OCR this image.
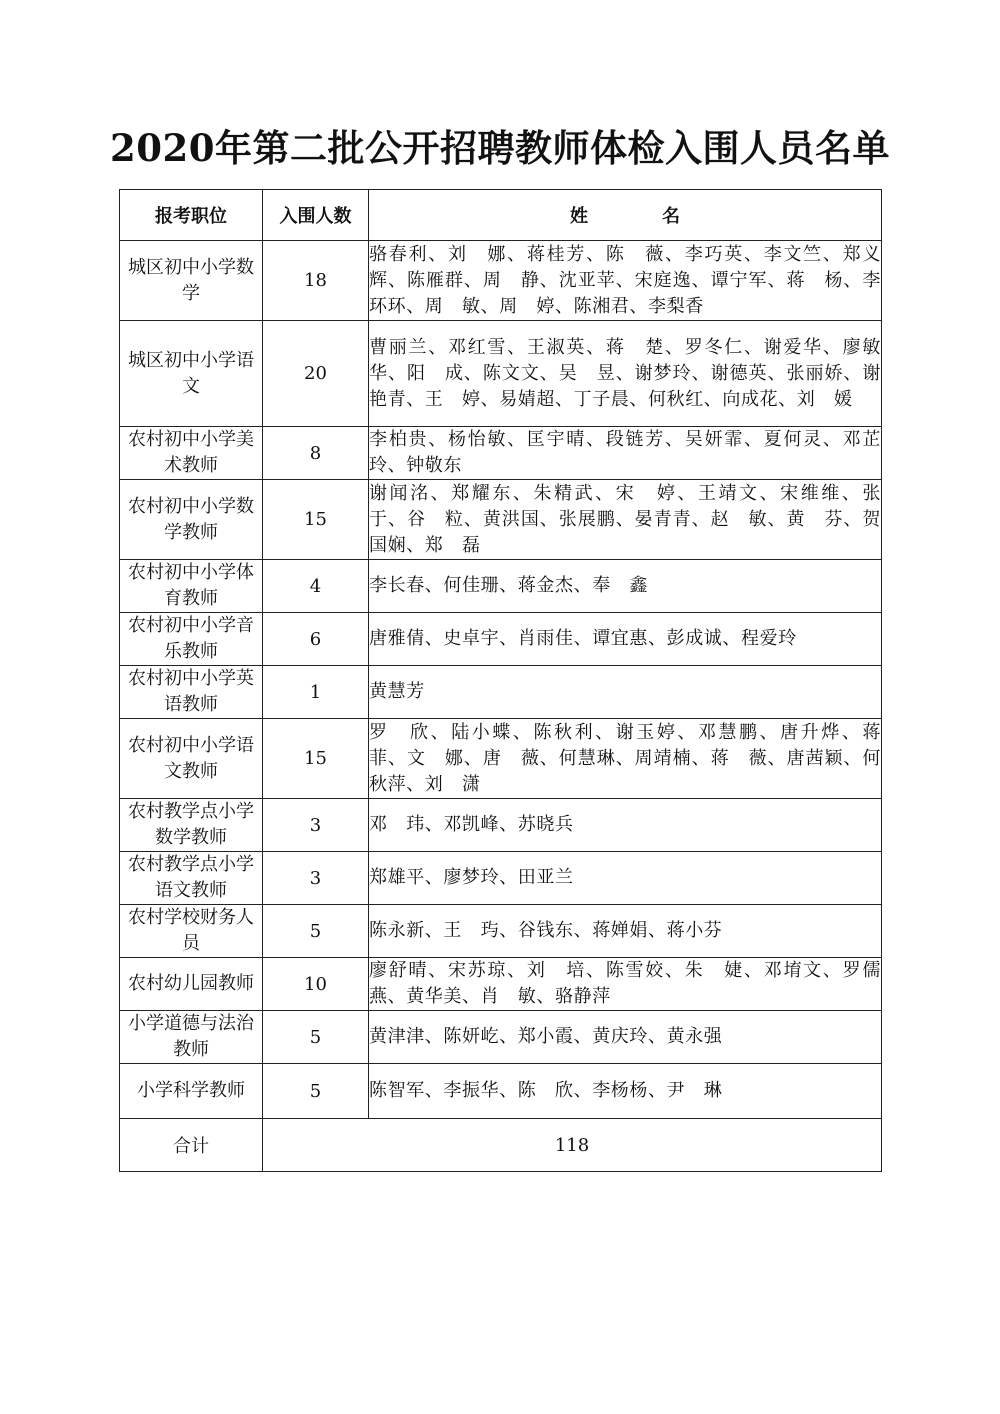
2020年第二批公开招聘教师体检入围人员名单
报考职位	入围人数	姓　名
城区初中小学数学	18	骆春利、刘　娜、蒋桂芳、陈　薇、李巧英、李文竺、郑义辉、陈雁群、周　静、沈亚苹、宋庭逸、谭宁军、蒋　杨、李环环、周　敏、周　婷、陈湘君、李梨香
城区初中小学语文	20	曹丽兰、邓红雪、王淑英、蒋　楚、罗冬仁、谢爱华、廖敏华、阳　成、陈文文、吴　昱、谢梦玲、谢德英、张丽娇、谢艳青、王　婷、易婧超、丁子晨、何秋红、向成花、刘　媛
农村初中小学美术教师	8	李柏贵、杨怡敏、匡宇晴、段链芳、吴妍霏、夏何灵、邓芷玲、钟敬东
农村初中小学数学教师	15	谢闻洺、郑耀东、朱精武、宋　婷、王靖文、宋维维、张　于、谷　粒、黄洪国、张展鹏、晏青青、赵　敏、黄　芬、贺国娴、郑　磊
农村初中小学体育教师	4	李长春、何佳珊、蒋金杰、奉　鑫
农村初中小学音乐教师	6	唐雅倩、史卓宇、肖雨佳、谭宜惠、彭成诚、程爱玲
农村初中小学英语教师	1	黄慧芳
农村初中小学语文教师	15	罗　欣、陆小蝶、陈秋利、谢玉婷、邓慧鹏、唐升烨、蒋　菲、文　娜、唐　薇、何慧琳、周靖楠、蒋　薇、唐茜颖、何秋萍、刘　潇
农村教学点小学数学教师	3	邓　玮、邓凯峰、苏晓兵
农村教学点小学语文教师	3	郑雄平、廖梦玲、田亚兰
农村学校财务人员	5	陈永新、王　玙、谷钱东、蒋婵娟、蒋小芬
农村幼儿园教师	10	廖舒晴、宋苏琼、刘　培、陈雪姣、朱　婕、邓堉文、罗儒燕、黄华美、肖　敏、骆静萍
小学道德与法治教师	5	黄津津、陈妍屹、郑小霞、黄庆玲、黄永强
小学科学教师	5	陈智军、李振华、陈　欣、李杨杨、尹　琳
合计	118	
